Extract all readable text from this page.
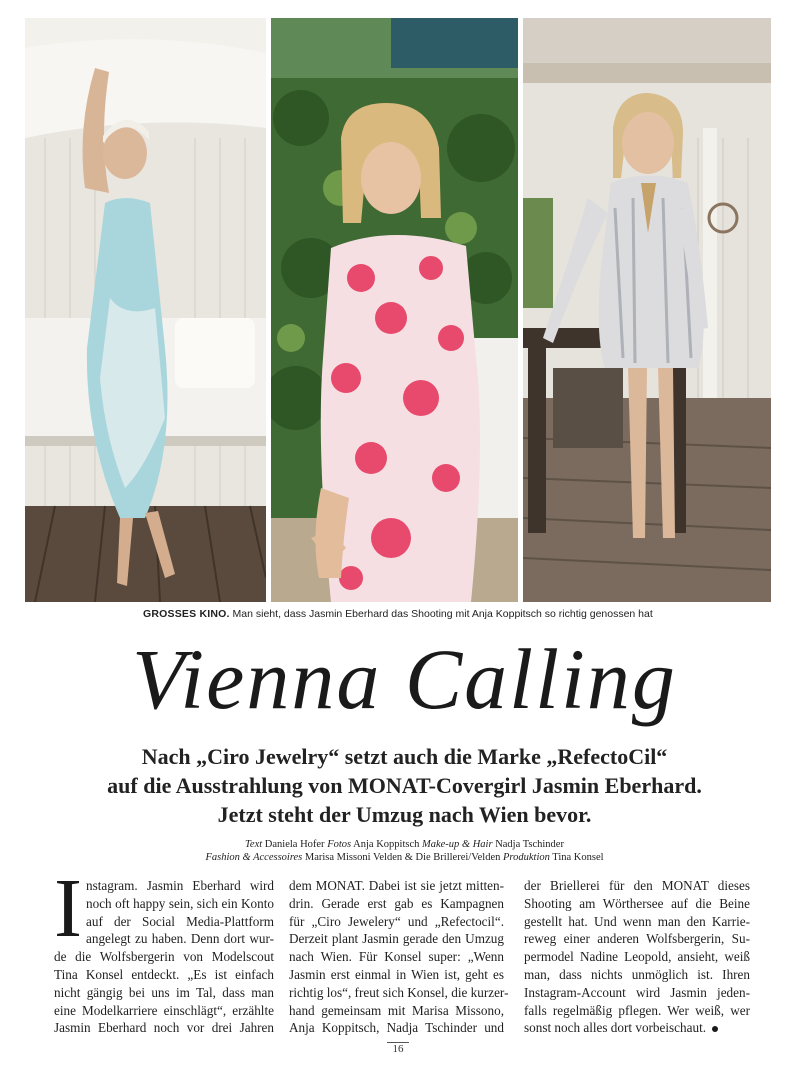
GROSSES KINO. Man sieht, dass Jasmin Eberhard das Shooting mit Anja Koppitsch so richtig genossen hat
Vienna Calling
Nach „Ciro Jewelry“ setzt auch die Marke „RefectoCil“
auf die Ausstrahlung von MONAT-Covergirl Jasmin Eberhard.
Jetzt steht der Umzug nach Wien bevor.
Text Daniela Hofer Fotos Anja Koppitsch Make-up & Hair Nadja Tschinder
Fashion & Accessoires Marisa Missoni Velden & Die Brillerei/Velden Produktion Tina Konsel
I nstagram. Jasmin Eberhard wird
noch oft happy sein, sich ein Konto
auf der Social Media-Plattform
angelegt zu haben. Denn dort wur-
de die Wolfsbergerin von Modelscout
Tina Konsel entdeckt. „Es ist einfach
nicht gängig bei uns im Tal, dass man
eine Modelkarriere einschlägt“, erzählte
Jasmin Eberhard noch vor drei Jahren
dem MONAT. Dabei ist sie jetzt mitten-
drin. Gerade erst gab es Kampagnen
für „Ciro Jewelery“ und „Refectocil“.
Derzeit plant Jasmin gerade den Umzug
nach Wien. Für Konsel super: „Wenn
Jasmin erst einmal in Wien ist, geht es
richtig los“, freut sich Konsel, die kurzer-
hand gemeinsam mit Marisa Missono,
Anja Koppitsch, Nadja Tschinder und
der Briellerei für den MONAT dieses
Shooting am Wörthersee auf die Beine
gestellt hat. Und wenn man den Karrie-
reweg einer anderen Wolfsbergerin, Su-
permodel Nadine Leopold, ansieht, weiß
man, dass nichts unmöglich ist. Ihren
Instagram-Account wird Jasmin jeden-
falls regelmäßig pflegen. Wer weiß, wer
sonst noch alles dort vorbeischaut.
16
